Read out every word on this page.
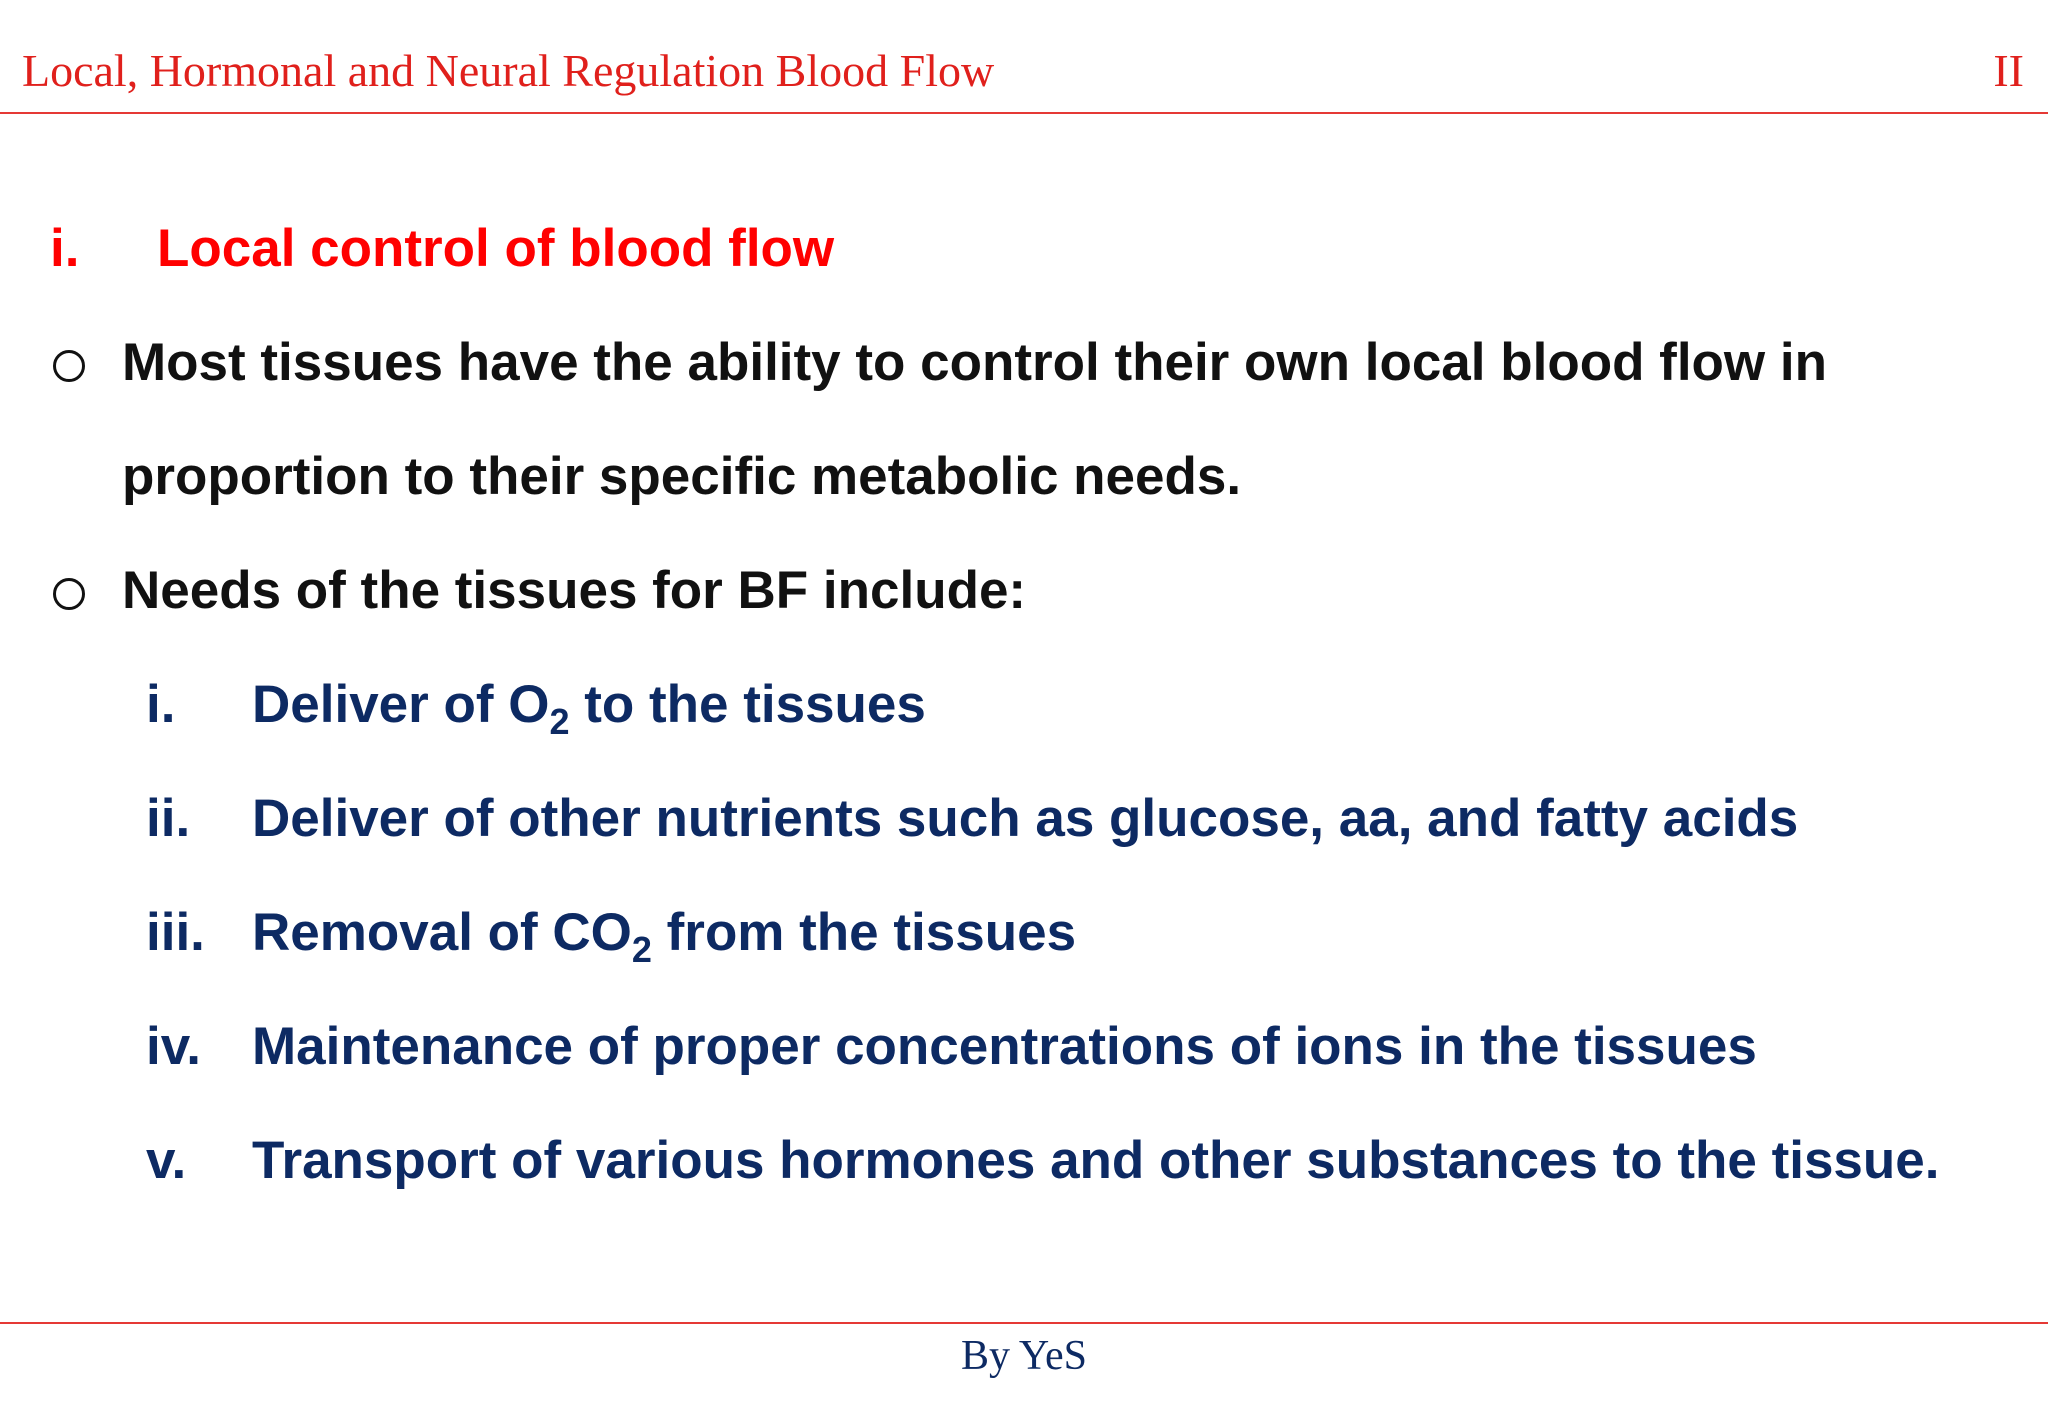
Local, Hormonal and Neural Regulation Blood Flow	II
i. Local control of blood flow
Most tissues have the ability to control their own local blood flow in
proportion to their specific metabolic needs.
Needs of the tissues for BF include:
i. Deliver of $O_2$ to the tissues
ii. Deliver of other nutrients such as glucose, aa, and fatty acids
iii. Removal of $CO_2$ from the tissues
iv. Maintenance of proper concentrations of ions in the tissues
v. Transport of various hormones and other substances to the tissue.
By YeS
